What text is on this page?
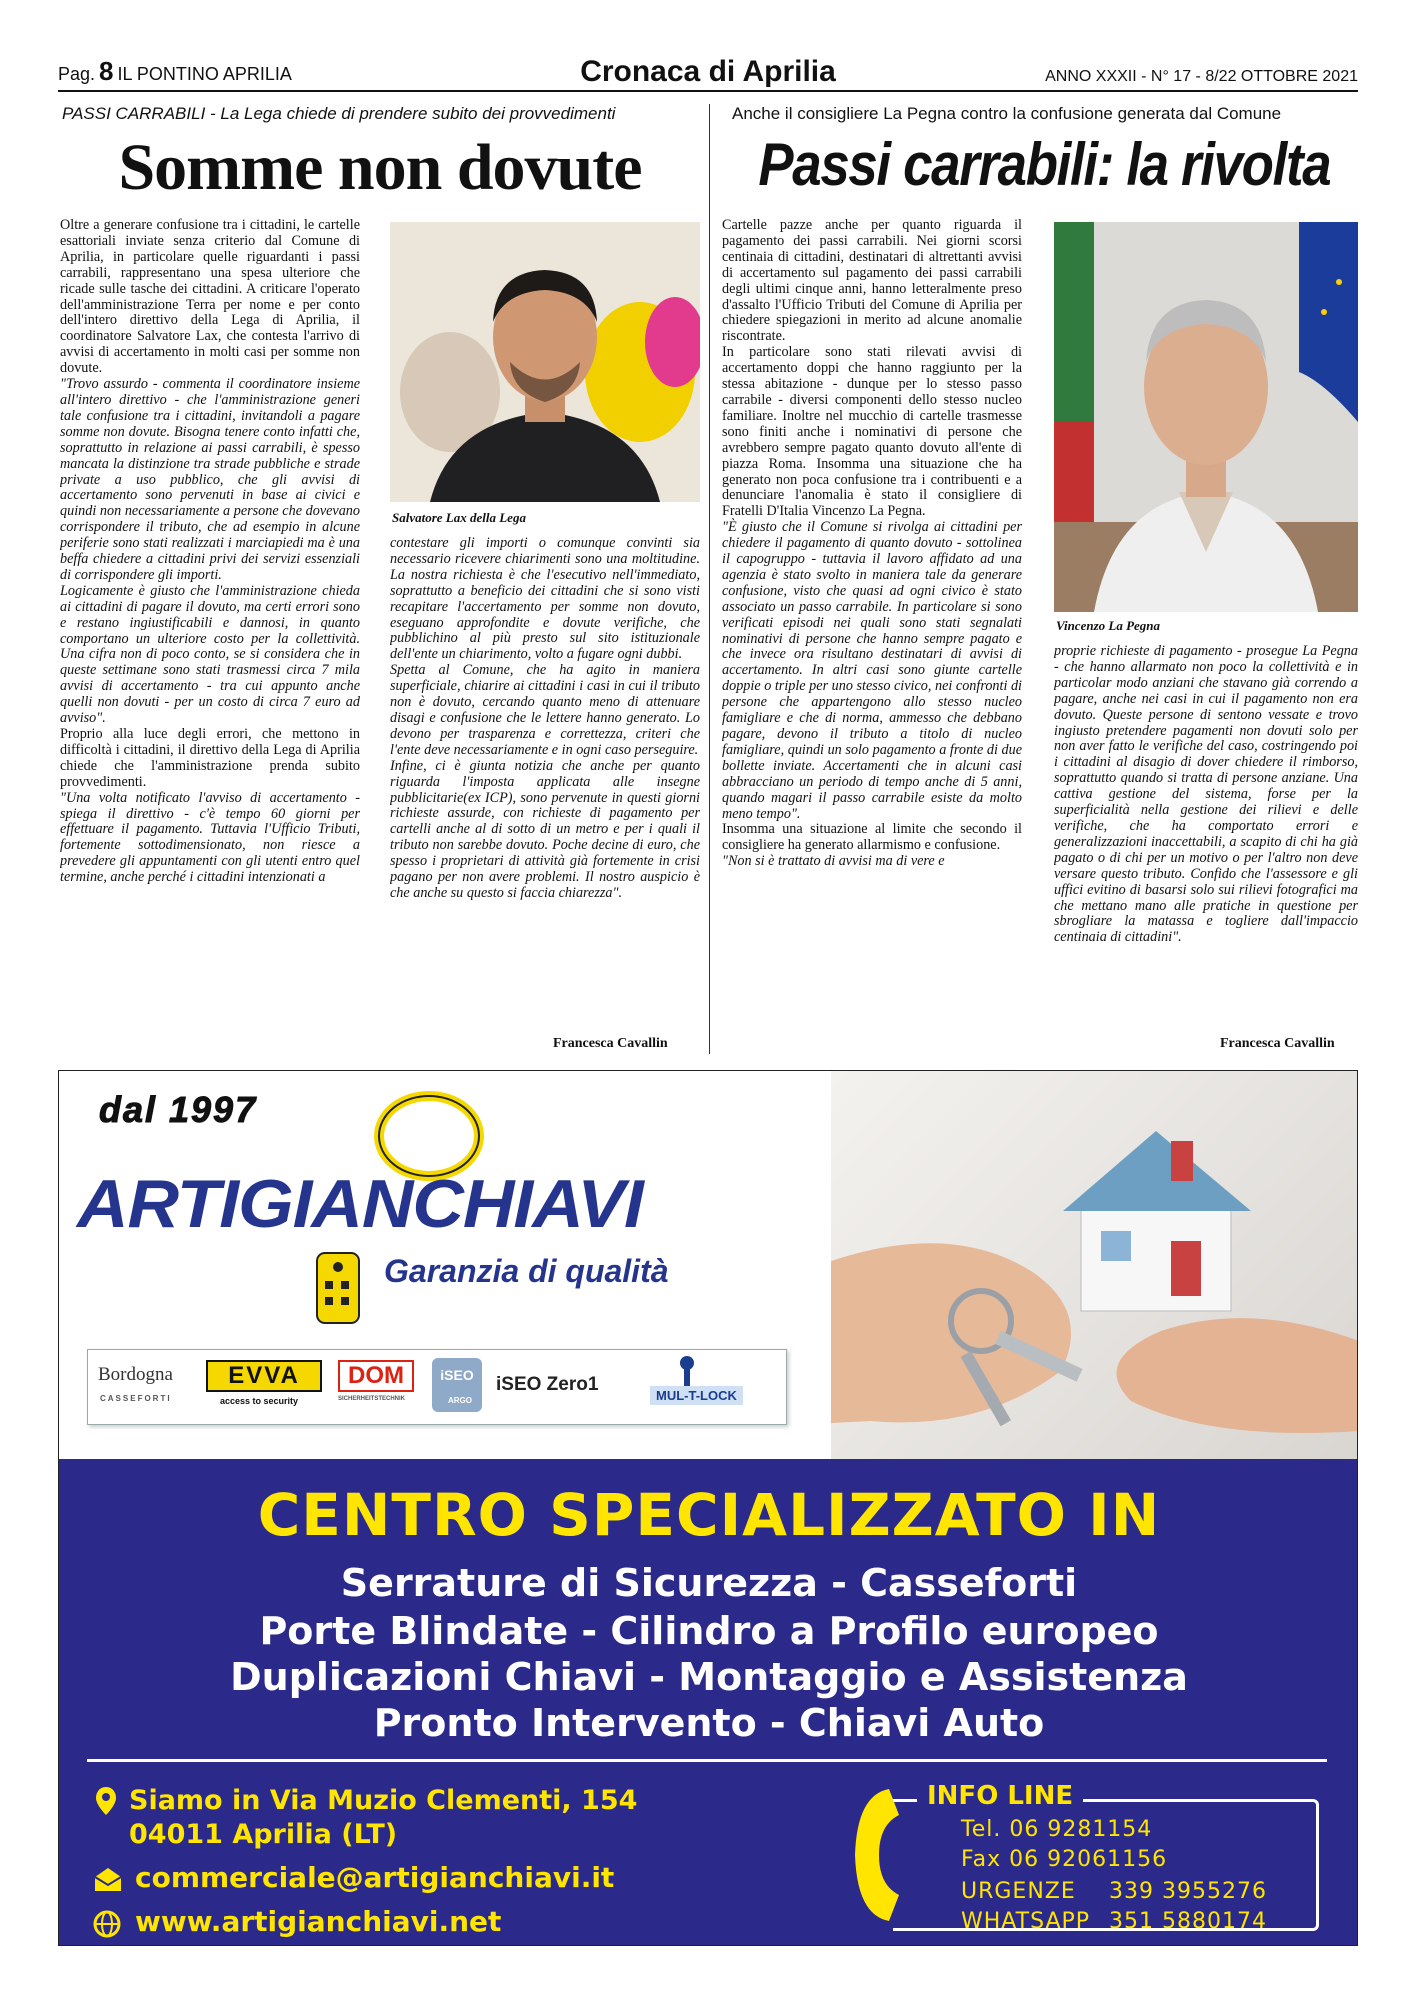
Pag. 8 IL PONTINO APRILIA	Cronaca di Aprilia	ANNO XXXII - N° 17 - 8/22 OTTOBRE 2021
PASSI CARRABILI - La Lega chiede di prendere subito dei provvedimenti
Somme non dovute

Oltre a generare confusione tra i cittadini, le cartelle esattoriali inviate senza criterio dal Comune di Aprilia, in particolare quelle riguardanti i passi carrabili, rappresentano una spesa ulteriore che ricade sulle tasche dei cittadini. A criticare l'operato dell'amministrazione Terra per nome e per conto dell'intero direttivo della Lega di Aprilia, il coordinatore Salvatore Lax, che contesta l'arrivo di avvisi di accertamento in molti casi per somme non dovute.

"Trovo assurdo - commenta il coordinatore insieme all'intero direttivo - che l'amministrazione generi tale confusione tra i cittadini, invitandoli a pagare somme non dovute. Bisogna tenere conto infatti che, soprattutto in relazione ai passi carrabili, è spesso mancata la distinzione tra strade pubbliche e strade private a uso pubblico, che gli avvisi di accertamento sono pervenuti in base ai civici e quindi non necessariamente a persone che dovevano corrispondere il tributo, che ad esempio in alcune periferie sono stati realizzati i marciapiedi ma è una beffa chiedere a cittadini privi dei servizi essenziali di corrispondere gli importi.

Logicamente è giusto che l'amministrazione chieda ai cittadini di pagare il dovuto, ma certi errori sono e restano ingiustificabili e dannosi, in quanto comportano un ulteriore costo per la collettività. Una cifra non di poco conto, se si considera che in queste settimane sono stati trasmessi circa 7 mila avvisi di accertamento - tra cui appunto anche quelli non dovuti - per un costo di circa 7 euro ad avviso".

Proprio alla luce degli errori, che mettono in difficoltà i cittadini, il direttivo della Lega di Aprilia chiede che l'amministrazione prenda subito provvedimenti.

"Una volta notificato l'avviso di accertamento - spiega il direttivo - c'è tempo 60 giorni per effettuare il pagamento. Tuttavia l'Ufficio Tributi, fortemente sottodimensionato, non riesce a prevedere gli appuntamenti con gli utenti entro quel termine, anche perché i cittadini intenzionati a

Salvatore Lax della Lega

contestare gli importi o comunque convinti sia necessario ricevere chiarimenti sono una moltitudine. La nostra richiesta è che l'esecutivo nell'immediato, soprattutto a beneficio dei cittadini che si sono visti recapitare l'accertamento per somme non dovuto, eseguano approfondite e dovute verifiche, che pubblichino al più presto sul sito istituzionale dell'ente un chiarimento, volto a fugare ogni dubbi.

Spetta al Comune, che ha agito in maniera superficiale, chiarire ai cittadini i casi in cui il tributo non è dovuto, cercando quanto meno di attenuare disagi e confusione che le lettere hanno generato. Lo devono per trasparenza e correttezza, criteri che l'ente deve necessariamente e in ogni caso perseguire.

Infine, ci è giunta notizia che anche per quanto riguarda l'imposta applicata alle insegne pubblicitarie(ex ICP), sono pervenute in questi giorni richieste assurde, con richieste di pagamento per cartelli anche al di sotto di un metro e per i quali il tributo non sarebbe dovuto. Poche decine di euro, che spesso i proprietari di attività già fortemente in crisi pagano per non avere problemi. Il nostro auspicio è che anche su questo si faccia chiarezza".

Francesca Cavallin
Anche il consigliere La Pegna contro la confusione generata dal Comune
Passi carrabili: la rivolta

Cartelle pazze anche per quanto riguarda il pagamento dei passi carrabili. Nei giorni scorsi centinaia di cittadini, destinatari di altrettanti avvisi di accertamento sul pagamento dei passi carrabili degli ultimi cinque anni, hanno letteralmente preso d'assalto l'Ufficio Tributi del Comune di Aprilia per chiedere spiegazioni in merito ad alcune anomalie riscontrate.

In particolare sono stati rilevati avvisi di accertamento doppi che hanno raggiunto per la stessa abitazione - dunque per lo stesso passo carrabile - diversi componenti dello stesso nucleo familiare. Inoltre nel mucchio di cartelle trasmesse sono finiti anche i nominativi di persone che avrebbero sempre pagato quanto dovuto all'ente di piazza Roma. Insomma una situazione che ha generato non poca confusione tra i contribuenti e a denunciare l'anomalia è stato il consigliere di Fratelli D'Italia Vincenzo La Pegna.

"È giusto che il Comune si rivolga ai cittadini per chiedere il pagamento di quanto dovuto - sottolinea il capogruppo - tuttavia il lavoro affidato ad una agenzia è stato svolto in maniera tale da generare confusione, visto che quasi ad ogni civico è stato associato un passo carrabile. In particolare si sono verificati episodi nei quali sono stati segnalati nominativi di persone che hanno sempre pagato e che invece ora risultano destinatari di avvisi di accertamento. In altri casi sono giunte cartelle doppie o triple per uno stesso civico, nei confronti di persone che appartengono allo stesso nucleo famigliare e che di norma, ammesso che debbano pagare, devono il tributo a titolo di nucleo famigliare, quindi un solo pagamento a fronte di due bollette inviate. Accertamenti che in alcuni casi abbracciano un periodo di tempo anche di 5 anni, quando magari il passo carrabile esiste da molto meno tempo".

Insomma una situazione al limite che secondo il consigliere ha generato allarmismo e confusione.

"Non si è trattato di avvisi ma di vere e

Vincenzo La Pegna

proprie richieste di pagamento - prosegue La Pegna - che hanno allarmato non poco la collettività e in particolar modo anziani che stavano già correndo a pagare, anche nei casi in cui il pagamento non era dovuto. Queste persone di sentono vessate e trovo ingiusto pretendere pagamenti non dovuti solo per non aver fatto le verifiche del caso, costringendo poi i cittadini al disagio di dover chiedere il rimborso, soprattutto quando si tratta di persone anziane. Una cattiva gestione del sistema, forse per la superficialità nella gestione dei rilievi e delle verifiche, che ha comportato errori e generalizzazioni inaccettabili, a scapito di chi ha già pagato o di chi per un motivo o per l'altro non deve versare questo tributo. Confido che l'assessore e gli uffici evitino di basarsi solo sui rilievi fotografici ma che mettano mano alle pratiche in questione per sbrogliare la matassa e togliere dall'impaccio centinaia di cittadini".

Francesca Cavallin
dal 1997
ARTIGIANCHIAVI
Garanzia di qualità
Bordogna
CASSEFORTI
EVVA
access to security
DOM
SICHERHEITSTECHNIK
iSEO
ARGO
iSEO Zero1
MUL-T-LOCK
CENTRO SPECIALIZZATO IN
Serrature di Sicurezza - Casseforti
Porte Blindate - Cilindro a Profilo europeo
Duplicazioni Chiavi - Montaggio e Assistenza
Pronto Intervento - Chiavi Auto
Siamo in Via Muzio Clementi, 154
04011 Aprilia (LT)
commerciale@artigianchiavi.it
www.artigianchiavi.net
INFO LINE
Tel. 06 9281154
Fax 06 92061156
URGENZE 339 3955276
WHATSAPP 351 5880174
